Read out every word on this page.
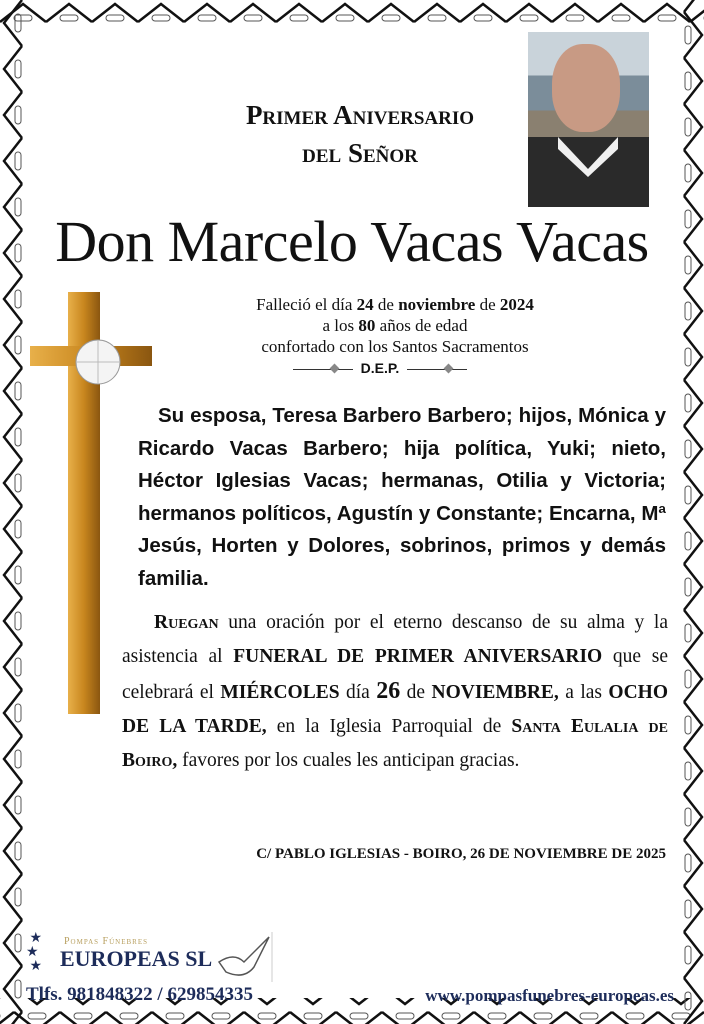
Primer Aniversario
del Señor
Don Marcelo Vacas Vacas
Falleció el día 24 de noviembre de 2024
a los 80 años de edad
confortado con los Santos Sacramentos
D.E.P.
Su esposa, Teresa Barbero Barbero; hijos, Mónica y Ricardo Vacas Barbero; hija política, Yuki; nieto, Héctor Iglesias Vacas; hermanas, Otilia y Victoria; hermanos políticos, Agustín y Constante; Encarna, Mª Jesús, Horten y Dolores, sobrinos, primos y demás familia.
Ruegan una oración por el eterno descanso de su alma y la asistencia al FUNERAL DE PRIMER ANIVERSARIO que se celebrará el MIÉRCOLES día 26 de NOVIEMBRE, a las OCHO DE LA TARDE, en la Iglesia Parroquial de Santa Eulalia de Boiro, favores por los cuales les anticipan gracias.
C/ PABLO IGLESIAS - BOIRO, 26 DE NOVIEMBRE DE 2025
★
★
★
Pompas Fúnebres
EUROPEAS SL
Tlfs. 981848322 / 629854335	www.pompasfunebres-europeas.es
